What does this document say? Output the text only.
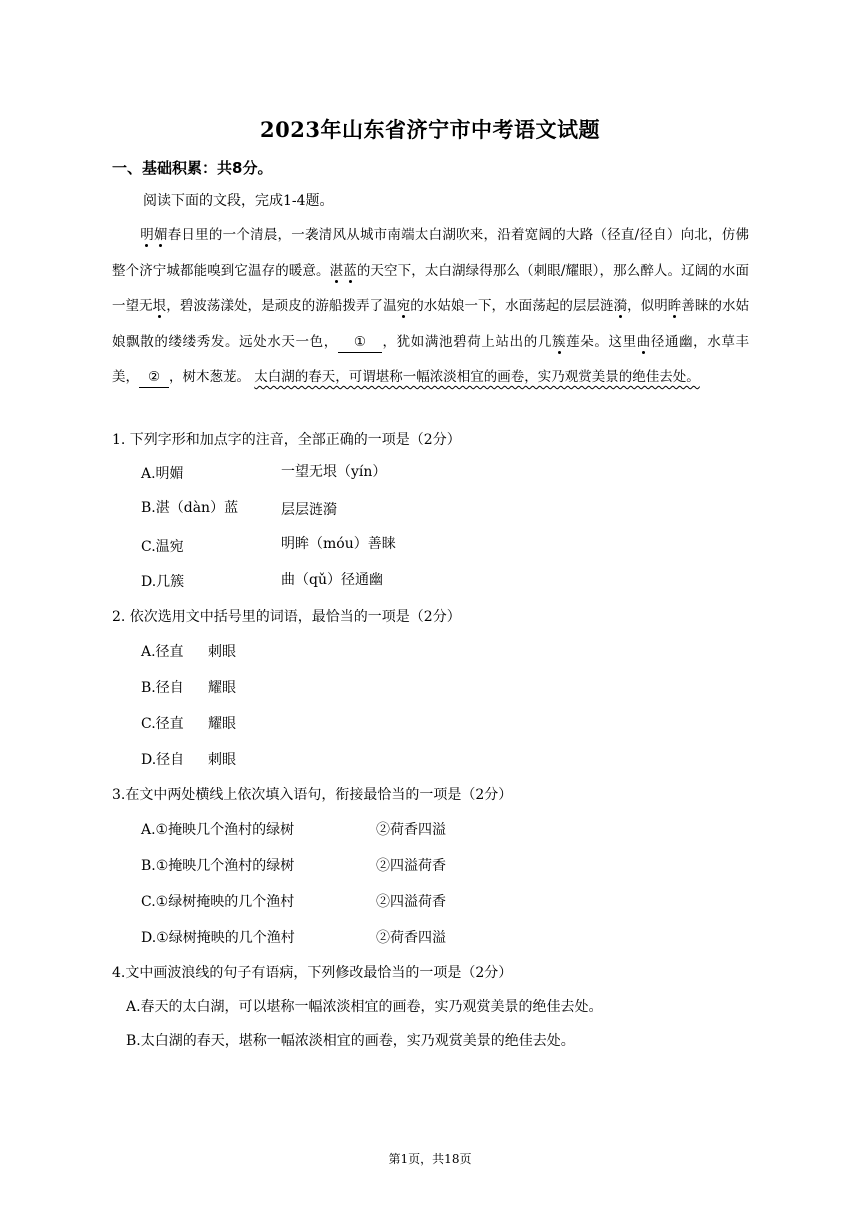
2023年山东省济宁市中考语文试题
一、基础积累：共8分。
阅读下面的文段，完成1-4题。
明媚春日里的一个清晨，一袭清风从城市南端太白湖吹来，沿着宽阔的大路（径直/径自）向北，仿佛整个济宁城都能嗅到它温存的暖意。湛蓝的天空下，太白湖绿得那么（刺眼/耀眼），那么醉人。辽阔的水面一望无垠，碧波荡漾处，是顽皮的游船拨弄了温宛的水姑娘一下，水面荡起的层层涟漪，似明眸善睐的水姑娘飘散的缕缕秀发。远处水天一色， ① ，犹如满池碧荷上站出的几簇莲朵。这里曲径通幽，水草丰美， ② ，树木葱茏。 太白湖的春天，可谓堪称一幅浓淡相宜的画卷，实乃观赏美景的绝佳去处。
1. 下列字形和加点字的注音，全部正确的一项是（2分）
A.明媚	一望无垠（yín）
B.湛（dàn）蓝	层层涟漪
C.温宛	明眸（móu）善睐
D.几簇	曲（qǔ）径通幽
2. 依次选用文中括号里的词语，最恰当的一项是（2分）
A.径直 刺眼
B.径自 耀眼
C.径直 耀眼
D.径自 刺眼
3.在文中两处横线上依次填入语句，衔接最恰当的一项是（2分）
A.①掩映几个渔村的绿树	②荷香四溢
B.①掩映几个渔村的绿树	②四溢荷香
C.①绿树掩映的几个渔村	②四溢荷香
D.①绿树掩映的几个渔村	②荷香四溢
4.文中画波浪线的句子有语病，下列修改最恰当的一项是（2分）
A.春天的太白湖，可以堪称一幅浓淡相宜的画卷，实乃观赏美景的绝佳去处。
B.太白湖的春天，堪称一幅浓淡相宜的画卷，实乃观赏美景的绝佳去处。
第1页，共18页
